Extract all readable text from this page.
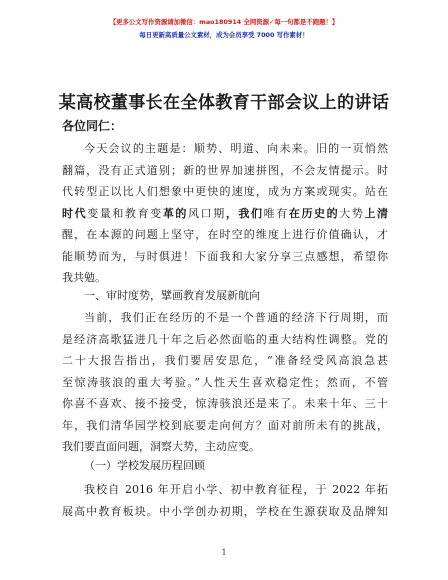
【更多公文写作资源请加微信：mao180914 全网资源✓每一句都是不跑题！】
每日更新高质量公文素材，成为会员享受 7000 写作素材！
某高校董事长在全体教育干部会议上的讲话
各位同仁：
今天会议的主题是：顺势、明道、向未来。旧的一页悄然
翻篇，没有正式道别；新的世界加速拼图，不会友情提示。时
代转型正以比人们想象中更快的速度，成为方案或现实。站在
时代变量和教育变革的风口期，我们唯有在历史的大势上清
醒，在本源的问题上坚守，在时空的维度上进行价值确认，才
能顺势而为，与时俱进！下面我和大家分享三点感想，希望你
我共勉。
一、审时度势，擘画教育发展新航向
当前，我们正在经历的不是一个普通的经济下行周期，而
是经济高歌猛进几十年之后必然面临的重大结构性调整。党的
二十大报告指出，我们要居安思危，“准备经受风高浪急甚
至惊涛骇浪的重大考验。”人性天生喜欢稳定性；然而，不管
你喜不喜欢、接不接受，惊涛骇浪还是来了。未来十年、三十
年，我们清华园学校到底要走向何方？面对前所未有的挑战，
我们要直面问题，洞察大势，主动应变。
（一）学校发展历程回顾
我校自 2016 年开启小学、初中教育征程，于 2022 年拓
展高中教育板块。中小学创办初期，学校在生源获取及品牌知
1
